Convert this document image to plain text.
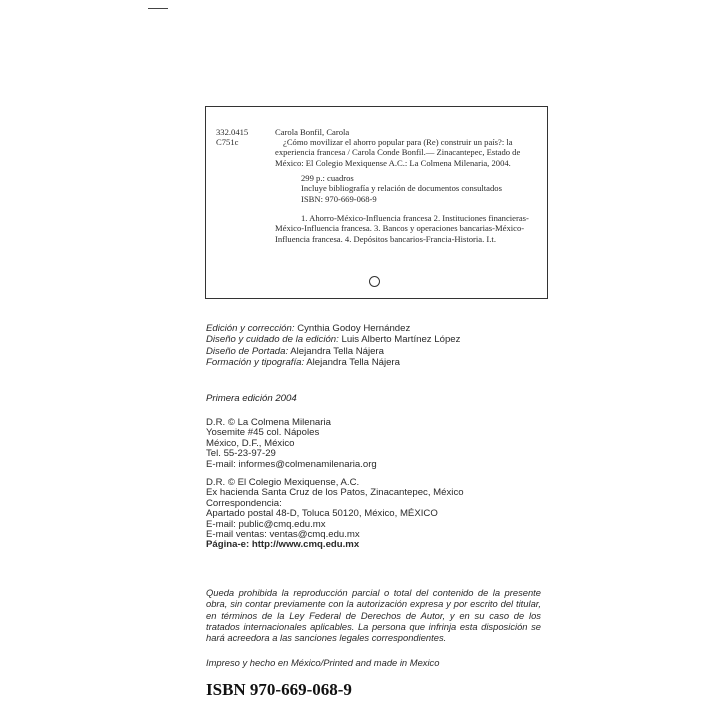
332.0415
C751c
Carola Bonfil, Carola
¿Cómo movilizar el ahorro popular para (Re) construir un país?: la experiencia francesa / Carola Conde Bonfil.— Zinacantepec, Estado de México: El Colegio Mexiquense A.C.: La Colmena Milenaria, 2004.
299 p.: cuadros
Incluye bibliografía y relación de documentos consultados
ISBN: 970-669-068-9
1. Ahorro-México-Influencia francesa 2. Instituciones financieras-México-Influencia francesa. 3. Bancos y operaciones bancarias-México-Influencia francesa. 4. Depósitos bancarios-Francia-Historia. I.t.
Edición y corrección: Cynthia Godoy Hernández
Diseño y cuidado de la edición: Luis Alberto Martínez López
Diseño de Portada: Alejandra Tella Nájera
Formación y tipografía: Alejandra Tella Nájera
Primera edición 2004
D.R. © La Colmena Milenaria
Yosemite #45 col. Nápoles
México, D.F., México
Tel. 55-23-97-29
E-mail: informes@colmenamilenaria.org
D.R. © El Colegio Mexiquense, A.C.
Ex hacienda Santa Cruz de los Patos, Zinacantepec, México
Correspondencia:
Apartado postal 48-D, Toluca 50120, México, MÉXICO
E-mail: public@cmq.edu.mx
E-mail ventas: ventas@cmq.edu.mx
Página-e: http://www.cmq.edu.mx
Queda prohibida la reproducción parcial o total del contenido de la presente obra, sin contar previamente con la autorización expresa y por escrito del titular, en términos de la Ley Federal de Derechos de Autor, y en su caso de los tratados internacionales aplicables. La persona que infrinja esta disposición se hará acreedora a las sanciones legales correspondientes.
Impreso y hecho en México/Printed and made in Mexico
ISBN 970-669-068-9
